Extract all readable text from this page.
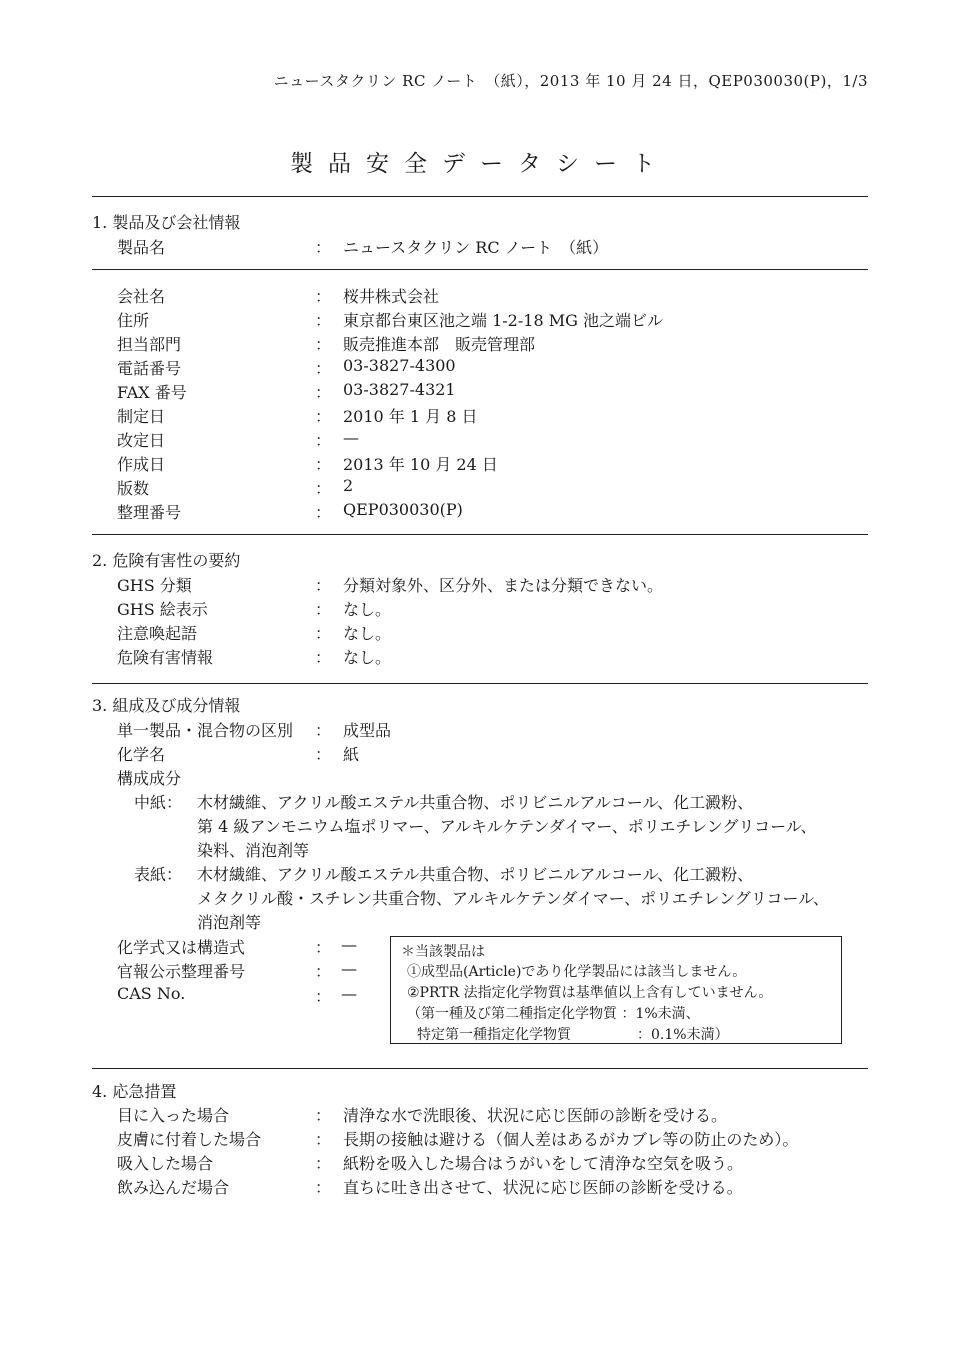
ニュースタクリン RC ノート　（紙），2013 年 10 月 24 日，QEP030030(P)，1/3
製品安全データシート
1. 製品及び会社情報
製品名	： ニュースタクリン RC ノート　（紙）
会社名	： 桜井株式会社
住所	： 東京都台東区池之端 1-2-18 MG 池之端ビル
担当部門	： 販売推進本部　販売管理部
電話番号	： 03-3827-4300
FAX 番号	： 03-3827-4321
制定日	： 2010 年 1 月 8 日
改定日	： —
作成日	： 2013 年 10 月 24 日
版数	： 2
整理番号	： QEP030030(P)
2. 危険有害性の要約
GHS 分類	： 分類対象外、区分外、または分類できない。
GHS 絵表示	： なし。
注意喚起語	： なし。
危険有害情報	： なし。
3. 組成及び成分情報
単一製品・混合物の区別 ： 成型品
化学名	： 紙
構成成分
中紙： 木材繊維、アクリル酸エステル共重合物、ポリビニルアルコール、化工澱粉、
第 4 級アンモニウム塩ポリマー、アルキルケテンダイマー、ポリエチレングリコール、
染料、消泡剤等
表紙： 木材繊維、アクリル酸エステル共重合物、ポリビニルアルコール、化工澱粉、
メタクリル酸・スチレン共重合物、アルキルケテンダイマー、ポリエチレングリコール、
消泡剤等
化学式又は構造式	： —
官報公示整理番号	： —
CAS No.	： —
＊当該製品は
①成型品(Article)であり化学製品には該当しません。
②PRTR 法指定化学物質は基準値以上含有していません。
（第一種及び第二種指定化学物質 ：1%未満、
特定第一種指定化学物質	：0.1%未満）
4. 応急措置
目に入った場合	： 清浄な水で洗眼後、状況に応じ医師の診断を受ける。
皮膚に付着した場合	： 長期の接触は避ける（個人差はあるがカブレ等の防止のため）。
吸入した場合	： 紙粉を吸入した場合はうがいをして清浄な空気を吸う。
飲み込んだ場合	： 直ちに吐き出させて、状況に応じ医師の診断を受ける。
